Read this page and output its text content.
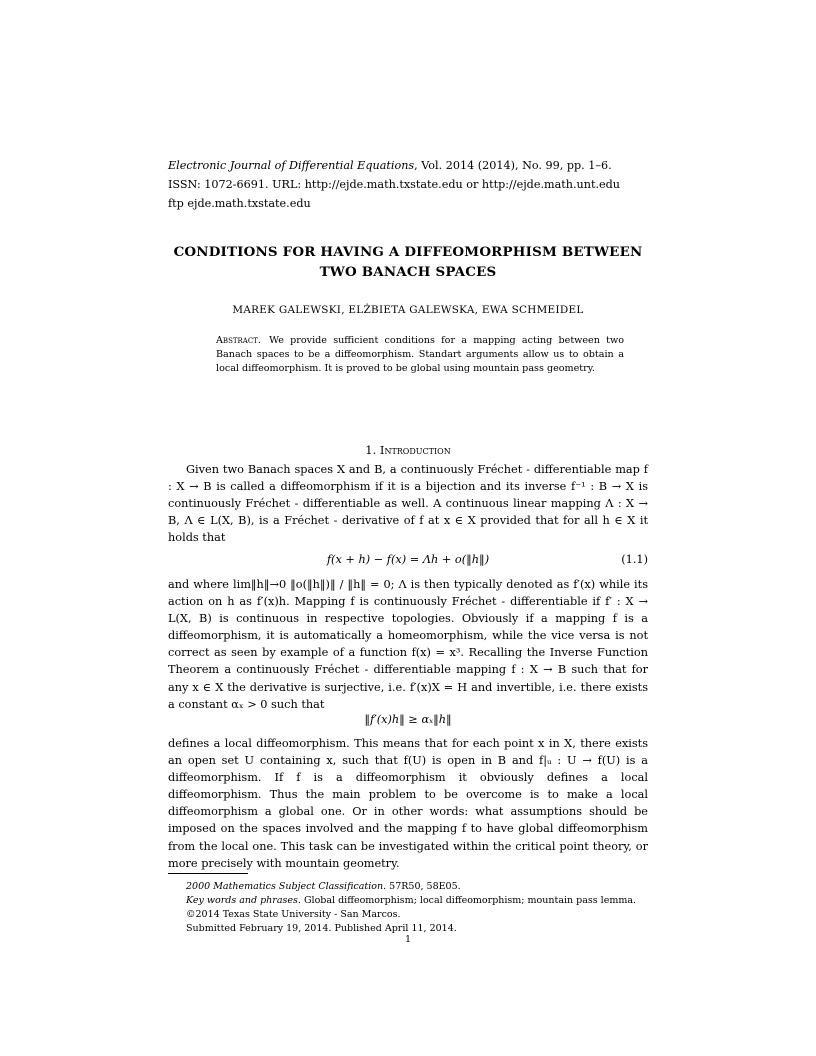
Electronic Journal of Differential Equations, Vol. 2014 (2014), No. 99, pp. 1–6.
ISSN: 1072-6691. URL: http://ejde.math.txstate.edu or http://ejde.math.unt.edu
ftp ejde.math.txstate.edu
CONDITIONS FOR HAVING A DIFFEOMORPHISM BETWEEN
TWO BANACH SPACES
MAREK GALEWSKI, ELŻBIETA GALEWSKA, EWA SCHMEIDEL
Abstract. We provide sufficient conditions for a mapping acting between two Banach spaces to be a diffeomorphism. Standart arguments allow us to obtain a local diffeomorphism. It is proved to be global using mountain pass geometry.
1. Introduction

Given two Banach spaces X and B, a continuously Fréchet - differentiable map f : X → B is called a diffeomorphism if it is a bijection and its inverse f⁻¹ : B → X is continuously Fréchet - differentiable as well. A continuous linear mapping Λ : X → B, Λ ∈ L(X, B), is a Fréchet - derivative of f at x ∈ X provided that for all h ∈ X it holds that

f(x + h) − f(x) = Λh + o(‖h‖)	(1.1)

and where lim‖h‖→0 ‖o(‖h‖)‖ / ‖h‖ = 0; Λ is then typically denoted as f′(x) while its action on h as f′(x)h. Mapping f is continuously Fréchet - differentiable if f′ : X → L(X, B) is continuous in respective topologies. Obviously if a mapping f is a diffeomorphism, it is automatically a homeomorphism, while the vice versa is not correct as seen by example of a function f(x) = x³. Recalling the Inverse Function Theorem a continuously Fréchet - differentiable mapping f : X → B such that for any x ∈ X the derivative is surjective, i.e. f′(x)X = H and invertible, i.e. there exists a constant αₓ > 0 such that

‖f′(x)h‖ ≥ αₓ‖h‖

defines a local diffeomorphism. This means that for each point x in X, there exists an open set U containing x, such that f(U) is open in B and f|ᵤ : U → f(U) is a diffeomorphism. If f is a diffeomorphism it obviously defines a local diffeomorphism. Thus the main problem to be overcome is to make a local diffeomorphism a global one. Or in other words: what assumptions should be imposed on the spaces involved and the mapping f to have global diffeomorphism from the local one. This task can be investigated within the critical point theory, or more precisely with mountain geometry.

2000 Mathematics Subject Classification. 57R50, 58E05.
Key words and phrases. Global diffeomorphism; local diffeomorphism; mountain pass lemma.
©2014 Texas State University - San Marcos.
Submitted February 19, 2014. Published April 11, 2014.
1
